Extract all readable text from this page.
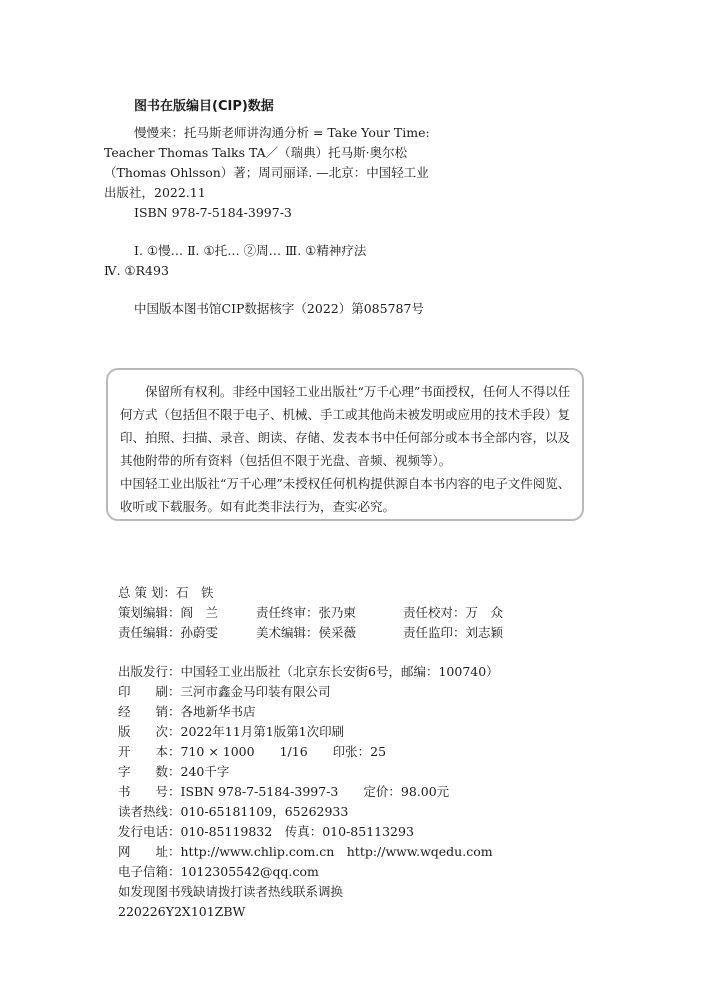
图书在版编目(CIP)数据
慢慢来：托马斯老师讲沟通分析 = Take Your Time:
Teacher Thomas Talks TA／（瑞典）托马斯·奥尔松
（Thomas Ohlsson）著；周司丽译. —北京：中国轻工业
出版社，2022.11
ISBN 978-7-5184-3997-3
Ⅰ. ①慢… Ⅱ. ①托… ②周… Ⅲ. ①精神疗法
Ⅳ. ①R493
中国版本图书馆CIP数据核字（2022）第085787号

保留所有权利。非经中国轻工业出版社“万千心理”书面授权，任何人不得以任何方式（包括但不限于电子、机械、手工或其他尚未被发明或应用的技术手段）复印、拍照、扫描、录音、朗读、存储、发表本书中任何部分或本书全部内容，以及其他附带的所有资料（包括但不限于光盘、音频、视频等）。

中国轻工业出版社“万千心理”未授权任何机构提供源自本书内容的电子文件阅览、收听或下载服务。如有此类非法行为，查实必究。

总 策 划：石　铁
策划编辑：阎　兰	责任终审：张乃柬	责任校对：万　众
责任编辑：孙蔚雯	美术编辑：侯采薇	责任监印：刘志颖
出版发行：中国轻工业出版社（北京东长安街6号，邮编：100740）
印　　刷：三河市鑫金马印装有限公司
经　　销：各地新华书店
版　　次：2022年11月第1版第1次印刷
开　　本：710 × 1000　　1/16　　印张：25
字　　数：240千字
书　　号：ISBN 978-7-5184-3997-3　　定价：98.00元
读者热线：010-65181109，65262933
发行电话：010-85119832　传真：010-85113293
网　　址：http://www.chlip.com.cn　http://www.wqedu.com
电子信箱：1012305542@qq.com
如发现图书残缺请拨打读者热线联系调换
220226Y2X101ZBW
